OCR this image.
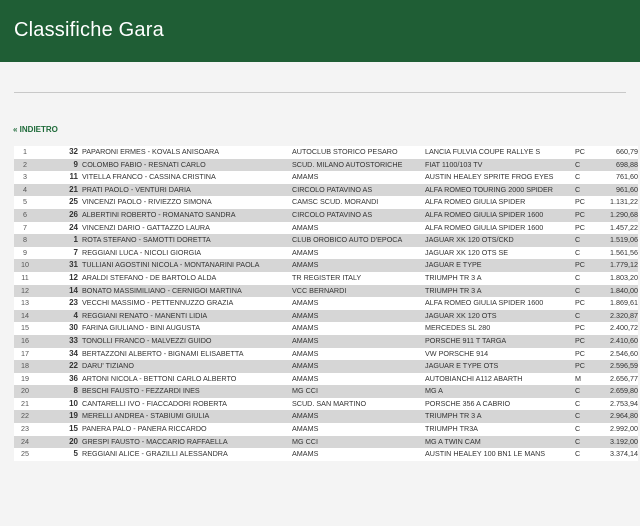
Classifiche Gara
« INDIETRO
1	32	PAPARONI ERMES - KOVALS ANISOARA	AUTOCLUB STORICO PESARO	LANCIA FULVIA COUPE RALLYE S	PC	660,79
2	9	COLOMBO FABIO - RESNATI CARLO	SCUD. MILANO AUTOSTORICHE	FIAT 1100/103 TV	C	698,88
3	11	VITELLA FRANCO - CASSINA CRISTINA	AMAMS	AUSTIN HEALEY SPRITE FROG EYES	C	761,60
4	21	PRATI PAOLO - VENTURI DARIA	CIRCOLO PATAVINO AS	ALFA ROMEO TOURING 2000 SPIDER	C	961,60
5	25	VINCENZI PAOLO - RIVIEZZO SIMONA	CAMSC SCUD. MORANDI	ALFA ROMEO GIULIA SPIDER	PC	1.131,22
6	26	ALBERTINI ROBERTO - ROMANATO SANDRA	CIRCOLO PATAVINO AS	ALFA ROMEO GIULIA SPIDER 1600	PC	1.290,68
7	24	VINCENZI DARIO - GATTAZZO LAURA	AMAMS	ALFA ROMEO GIULIA SPIDER 1600	PC	1.457,22
8	1	ROTA STEFANO - SAMOTTI DORETTA	CLUB OROBICO AUTO D'EPOCA	JAGUAR XK 120 OTS/CKD	C	1.519,06
9	7	REGGIANI LUCA - NICOLI GIORGIA	AMAMS	JAGUAR XK 120 OTS SE	C	1.561,56
10	31	TULLIANI AGOSTINI NICOLA - MONTANARINI PAOLA	AMAMS	JAGUAR E TYPE	PC	1.779,12
11	12	ARALDI STEFANO - DE BARTOLO ALDA	TR REGISTER ITALY	TRIUMPH TR 3 A	C	1.803,20
12	14	BONATO MASSIMILIANO - CERNIGOI MARTINA	VCC BERNARDI	TRIUMPH TR 3 A	C	1.840,00
13	23	VECCHI MASSIMO - PETTENNUZZO GRAZIA	AMAMS	ALFA ROMEO GIULIA SPIDER 1600	PC	1.869,61
14	4	REGGIANI RENATO - MANENTI LIDIA	AMAMS	JAGUAR XK 120 OTS	C	2.320,87
15	30	FARINA GIULIANO - BINI AUGUSTA	AMAMS	MERCEDES SL 280	PC	2.400,72
16	33	TONOLLI FRANCO - MALVEZZI GUIDO	AMAMS	PORSCHE 911 T TARGA	PC	2.410,60
17	34	BERTAZZONI ALBERTO - BIGNAMI ELISABETTA	AMAMS	VW PORSCHE 914	PC	2.546,60
18	22	DARU' TIZIANO	AMAMS	JAGUAR E TYPE OTS	PC	2.596,59
19	36	ARTONI NICOLA - BETTONI CARLO ALBERTO	AMAMS	AUTOBIANCHI A112 ABARTH	M	2.656,77
20	8	BESCHI FAUSTO - FEZZARDI INES	MG CCI	MG A	C	2.659,80
21	10	CANTARELLI IVO - FIACCADORI ROBERTA	SCUD. SAN MARTINO	PORSCHE 356 A CABRIO	C	2.753,94
22	19	MERELLI ANDREA - STABIUMI GIULIA	AMAMS	TRIUMPH TR 3 A	C	2.964,80
23	15	PANERA PALO - PANERA RICCARDO	AMAMS	TRIUMPH TR3A	C	2.992,00
24	20	GRESPI FAUSTO - MACCARIO RAFFAELLA	MG CCI	MG A TWIN CAM	C	3.192,00
25	5	REGGIANI ALICE - GRAZILLI ALESSANDRA	AMAMS	AUSTIN HEALEY 100 BN1 LE MANS	C	3.374,14
